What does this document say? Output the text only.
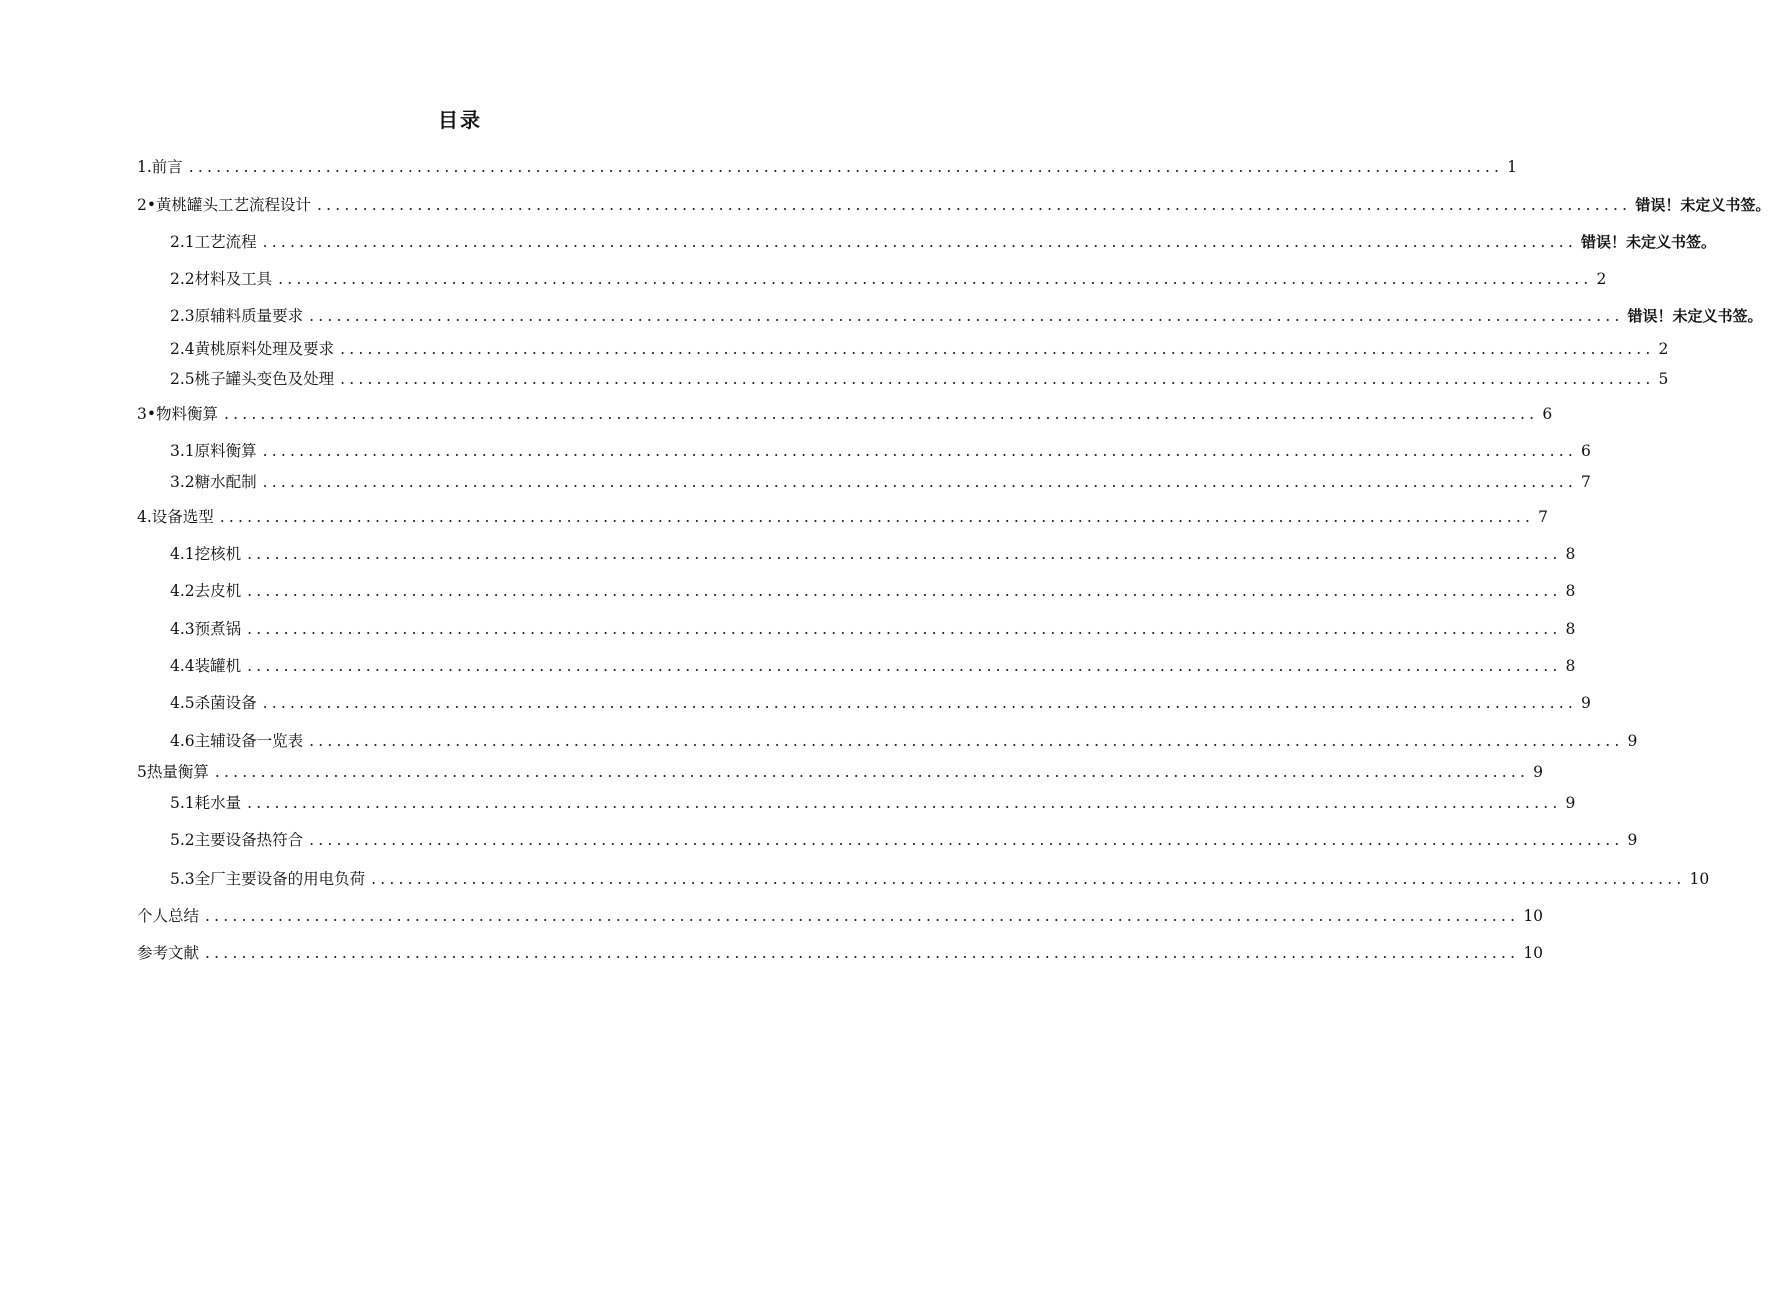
目录
1.前言 ................................................................................................................................................ 1
2•黄桃罐头工艺流程设计 ................................................................................................................................................ 错误！未定义书签。
2.1工艺流程 ................................................................................................................................................ 错误！未定义书签。
2.2材料及工具 ................................................................................................................................................ 2
2.3原辅料质量要求 ................................................................................................................................................ 错误！未定义书签。
2.4黄桃原料处理及要求 ................................................................................................................................................ 2
2.5桃子罐头变色及处理 ................................................................................................................................................ 5
3•物料衡算 ................................................................................................................................................ 6
3.1原料衡算 ................................................................................................................................................ 6
3.2糖水配制 ................................................................................................................................................ 7
4.设备选型 ................................................................................................................................................ 7
4.1挖核机 ................................................................................................................................................ 8
4.2去皮机 ................................................................................................................................................ 8
4.3预煮锅 ................................................................................................................................................ 8
4.4装罐机 ................................................................................................................................................ 8
4.5杀菌设备 ................................................................................................................................................ 9
4.6主辅设备一览表 ................................................................................................................................................ 9
5热量衡算 ................................................................................................................................................ 9
5.1耗水量 ................................................................................................................................................ 9
5.2主要设备热符合 ................................................................................................................................................ 9
5.3全厂主要设备的用电负荷 ................................................................................................................................................ 10
个人总结 ................................................................................................................................................ 10
参考文献 ................................................................................................................................................ 10
